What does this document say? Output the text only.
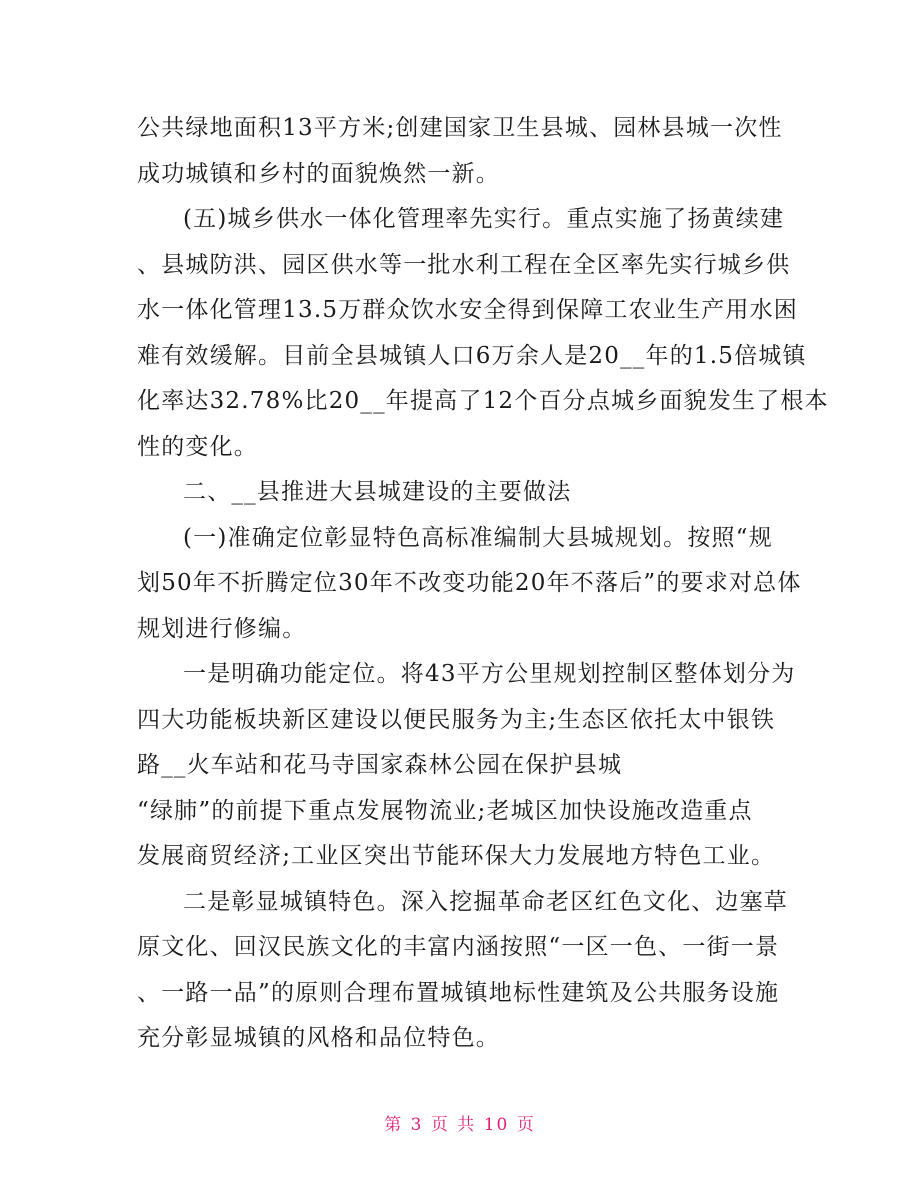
公共绿地面积13平方米;创建国家卫生县城、园林县城一次性
成功城镇和乡村的面貌焕然一新。
(五)城乡供水一体化管理率先实行。重点实施了扬黄续建
、县城防洪、园区供水等一批水利工程在全区率先实行城乡供
水一体化管理13.5万群众饮水安全得到保障工农业生产用水困
难有效缓解。目前全县城镇人口6万余人是20__年的1.5倍城镇
化率达32.78%比20__年提高了12个百分点城乡面貌发生了根本
性的变化。
二、__县推进大县城建设的主要做法
(一)准确定位彰显特色高标准编制大县城规划。按照“规
划50年不折腾定位30年不改变功能20年不落后”的要求对总体
规划进行修编。
一是明确功能定位。将43平方公里规划控制区整体划分为
四大功能板块新区建设以便民服务为主;生态区依托太中银铁
路__火车站和花马寺国家森林公园在保护县城
“绿肺”的前提下重点发展物流业;老城区加快设施改造重点
发展商贸经济;工业区突出节能环保大力发展地方特色工业。
二是彰显城镇特色。深入挖掘革命老区红色文化、边塞草
原文化、回汉民族文化的丰富内涵按照“一区一色、一街一景
、一路一品”的原则合理布置城镇地标性建筑及公共服务设施
充分彰显城镇的风格和品位特色。
第 3 页 共 10 页
